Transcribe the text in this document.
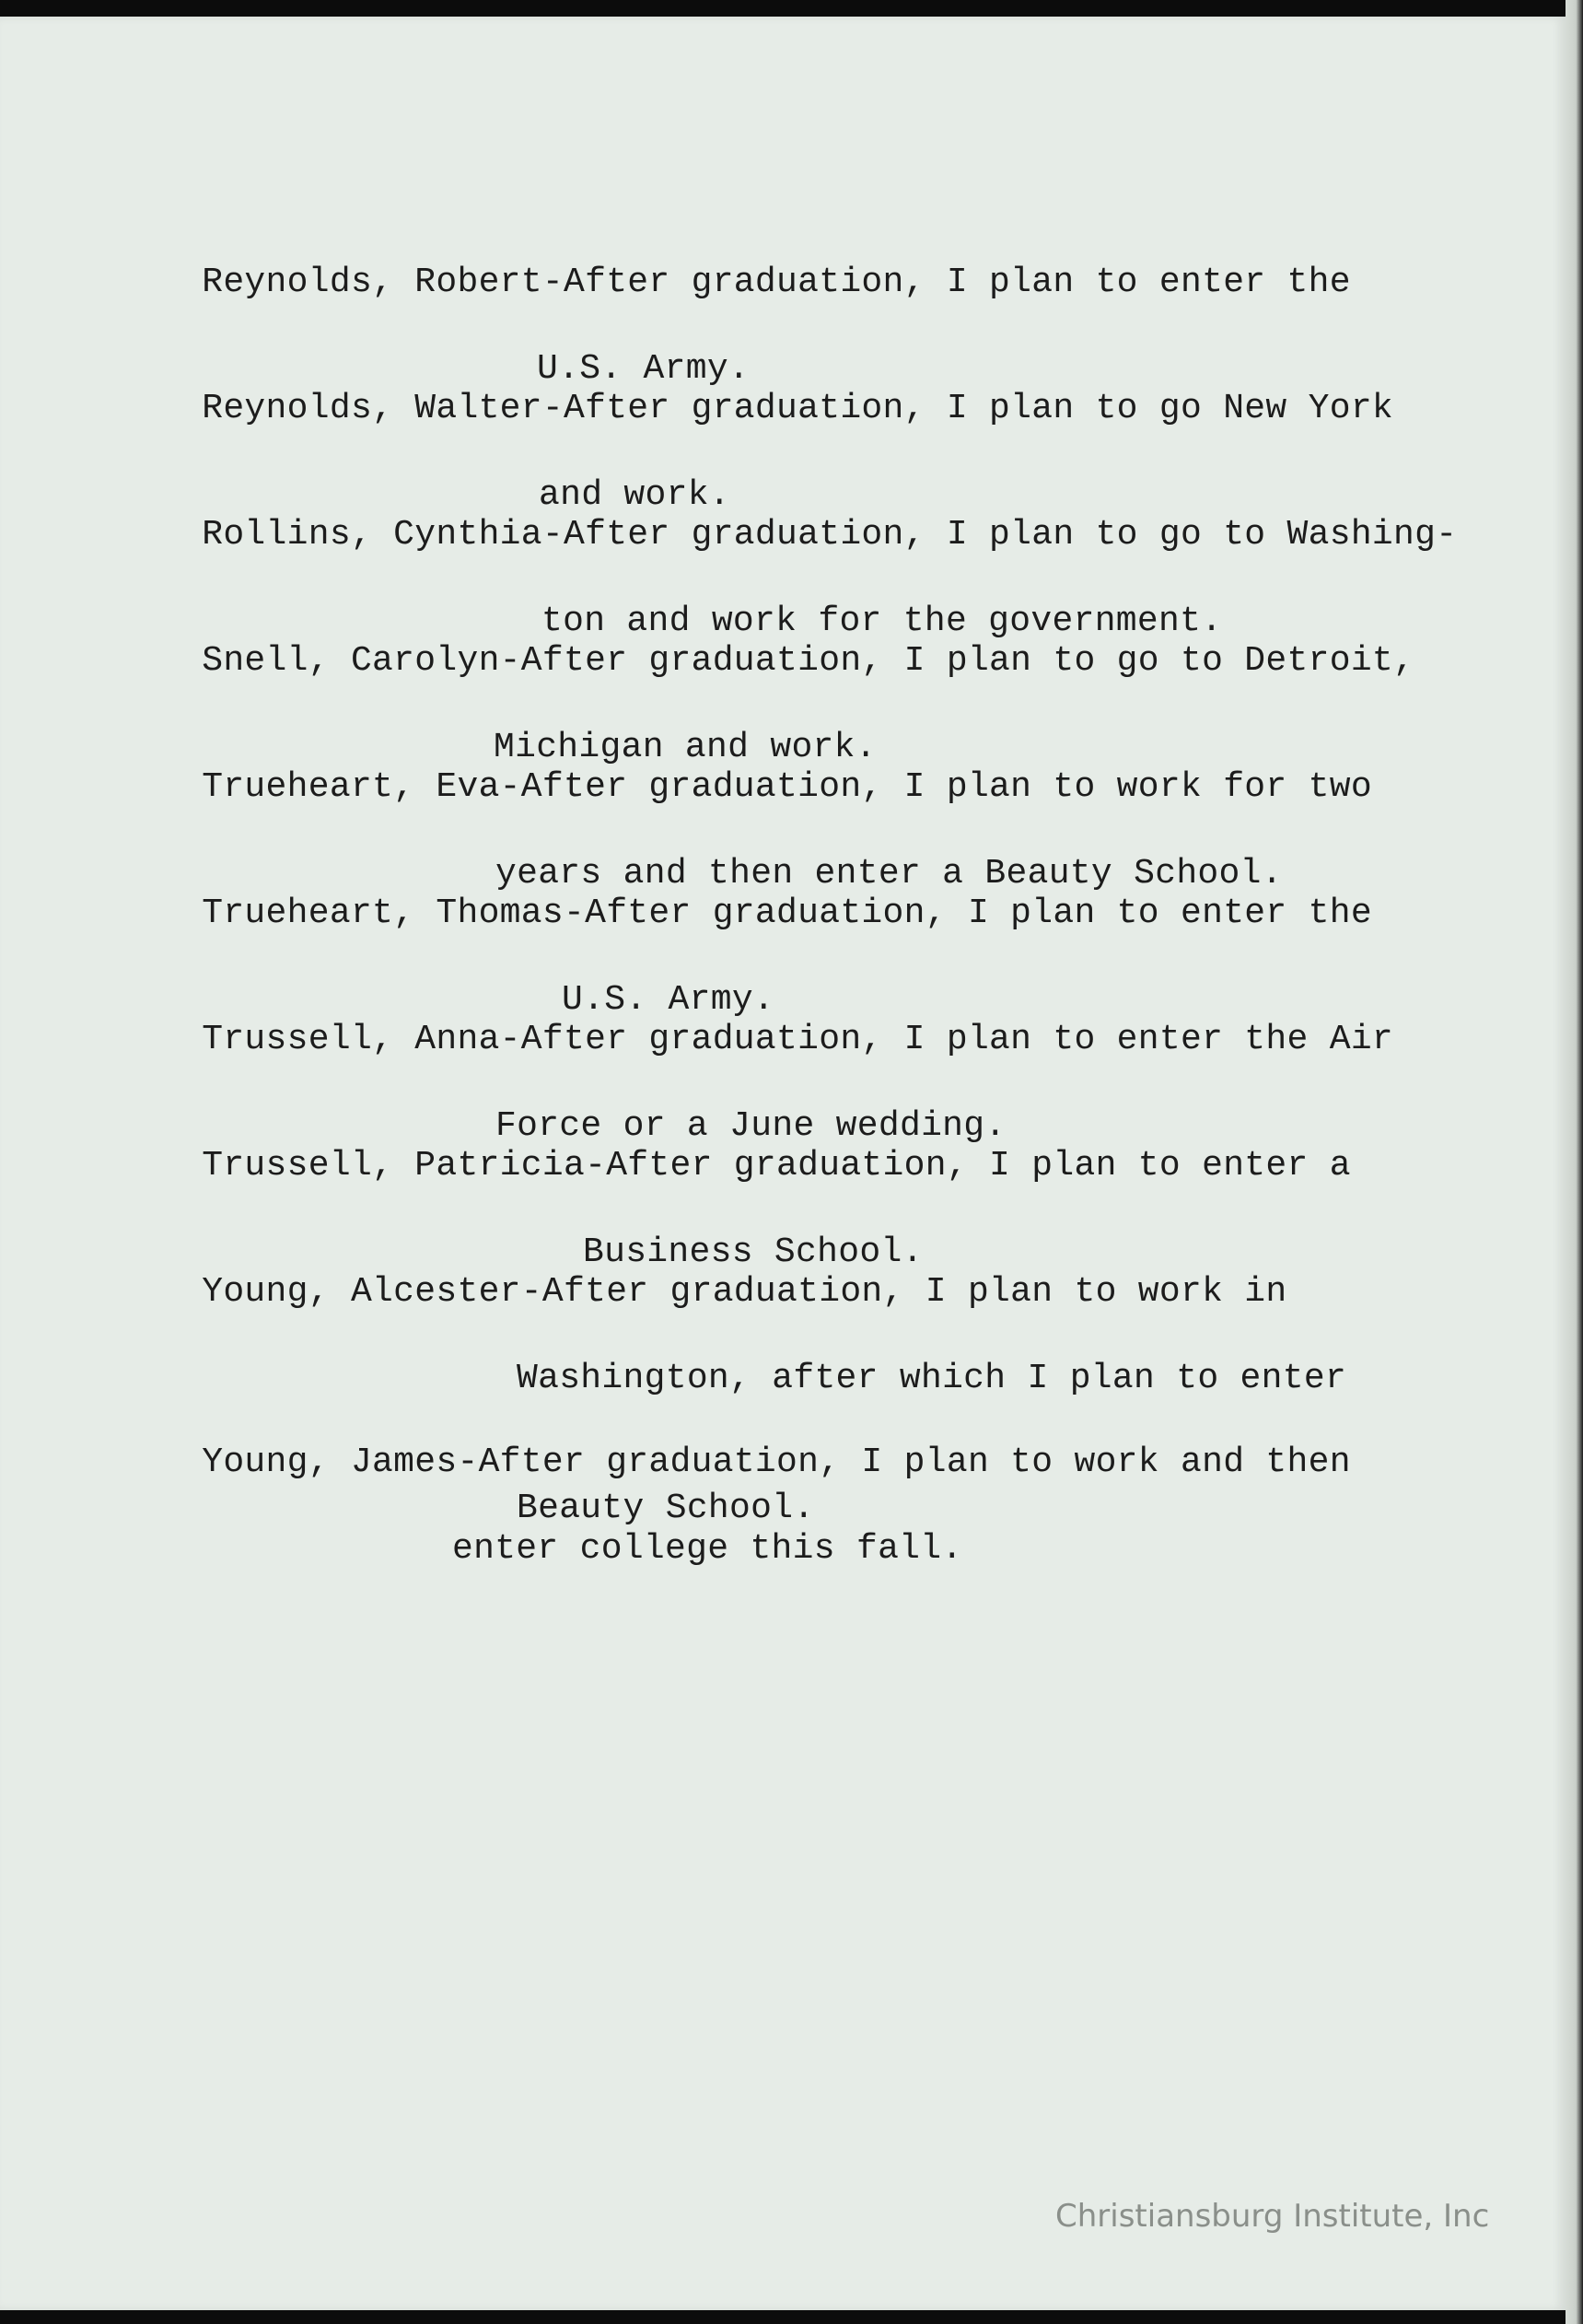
Reynolds, Robert-After graduation, I plan to enter the

U.S. Army.

Reynolds, Walter-After graduation, I plan to go New York

and work.

Rollins, Cynthia-After graduation, I plan to go to Washing-

ton and work for the government.

Snell, Carolyn-After graduation, I plan to go to Detroit,

Michigan and work.

Trueheart, Eva-After graduation, I plan to work for two

years and then enter a Beauty School.

Trueheart, Thomas-After graduation, I plan to enter the

U.S. Army.

Trussell, Anna-After graduation, I plan to enter the Air

Force or a June wedding.

Trussell, Patricia-After graduation, I plan to enter a

Business School.

Young, Alcester-After graduation, I plan to work in

Washington, after which I plan to enter

Beauty School.

Young, James-After graduation, I plan to work and then

enter college this fall.

Christiansburg Institute, Inc
